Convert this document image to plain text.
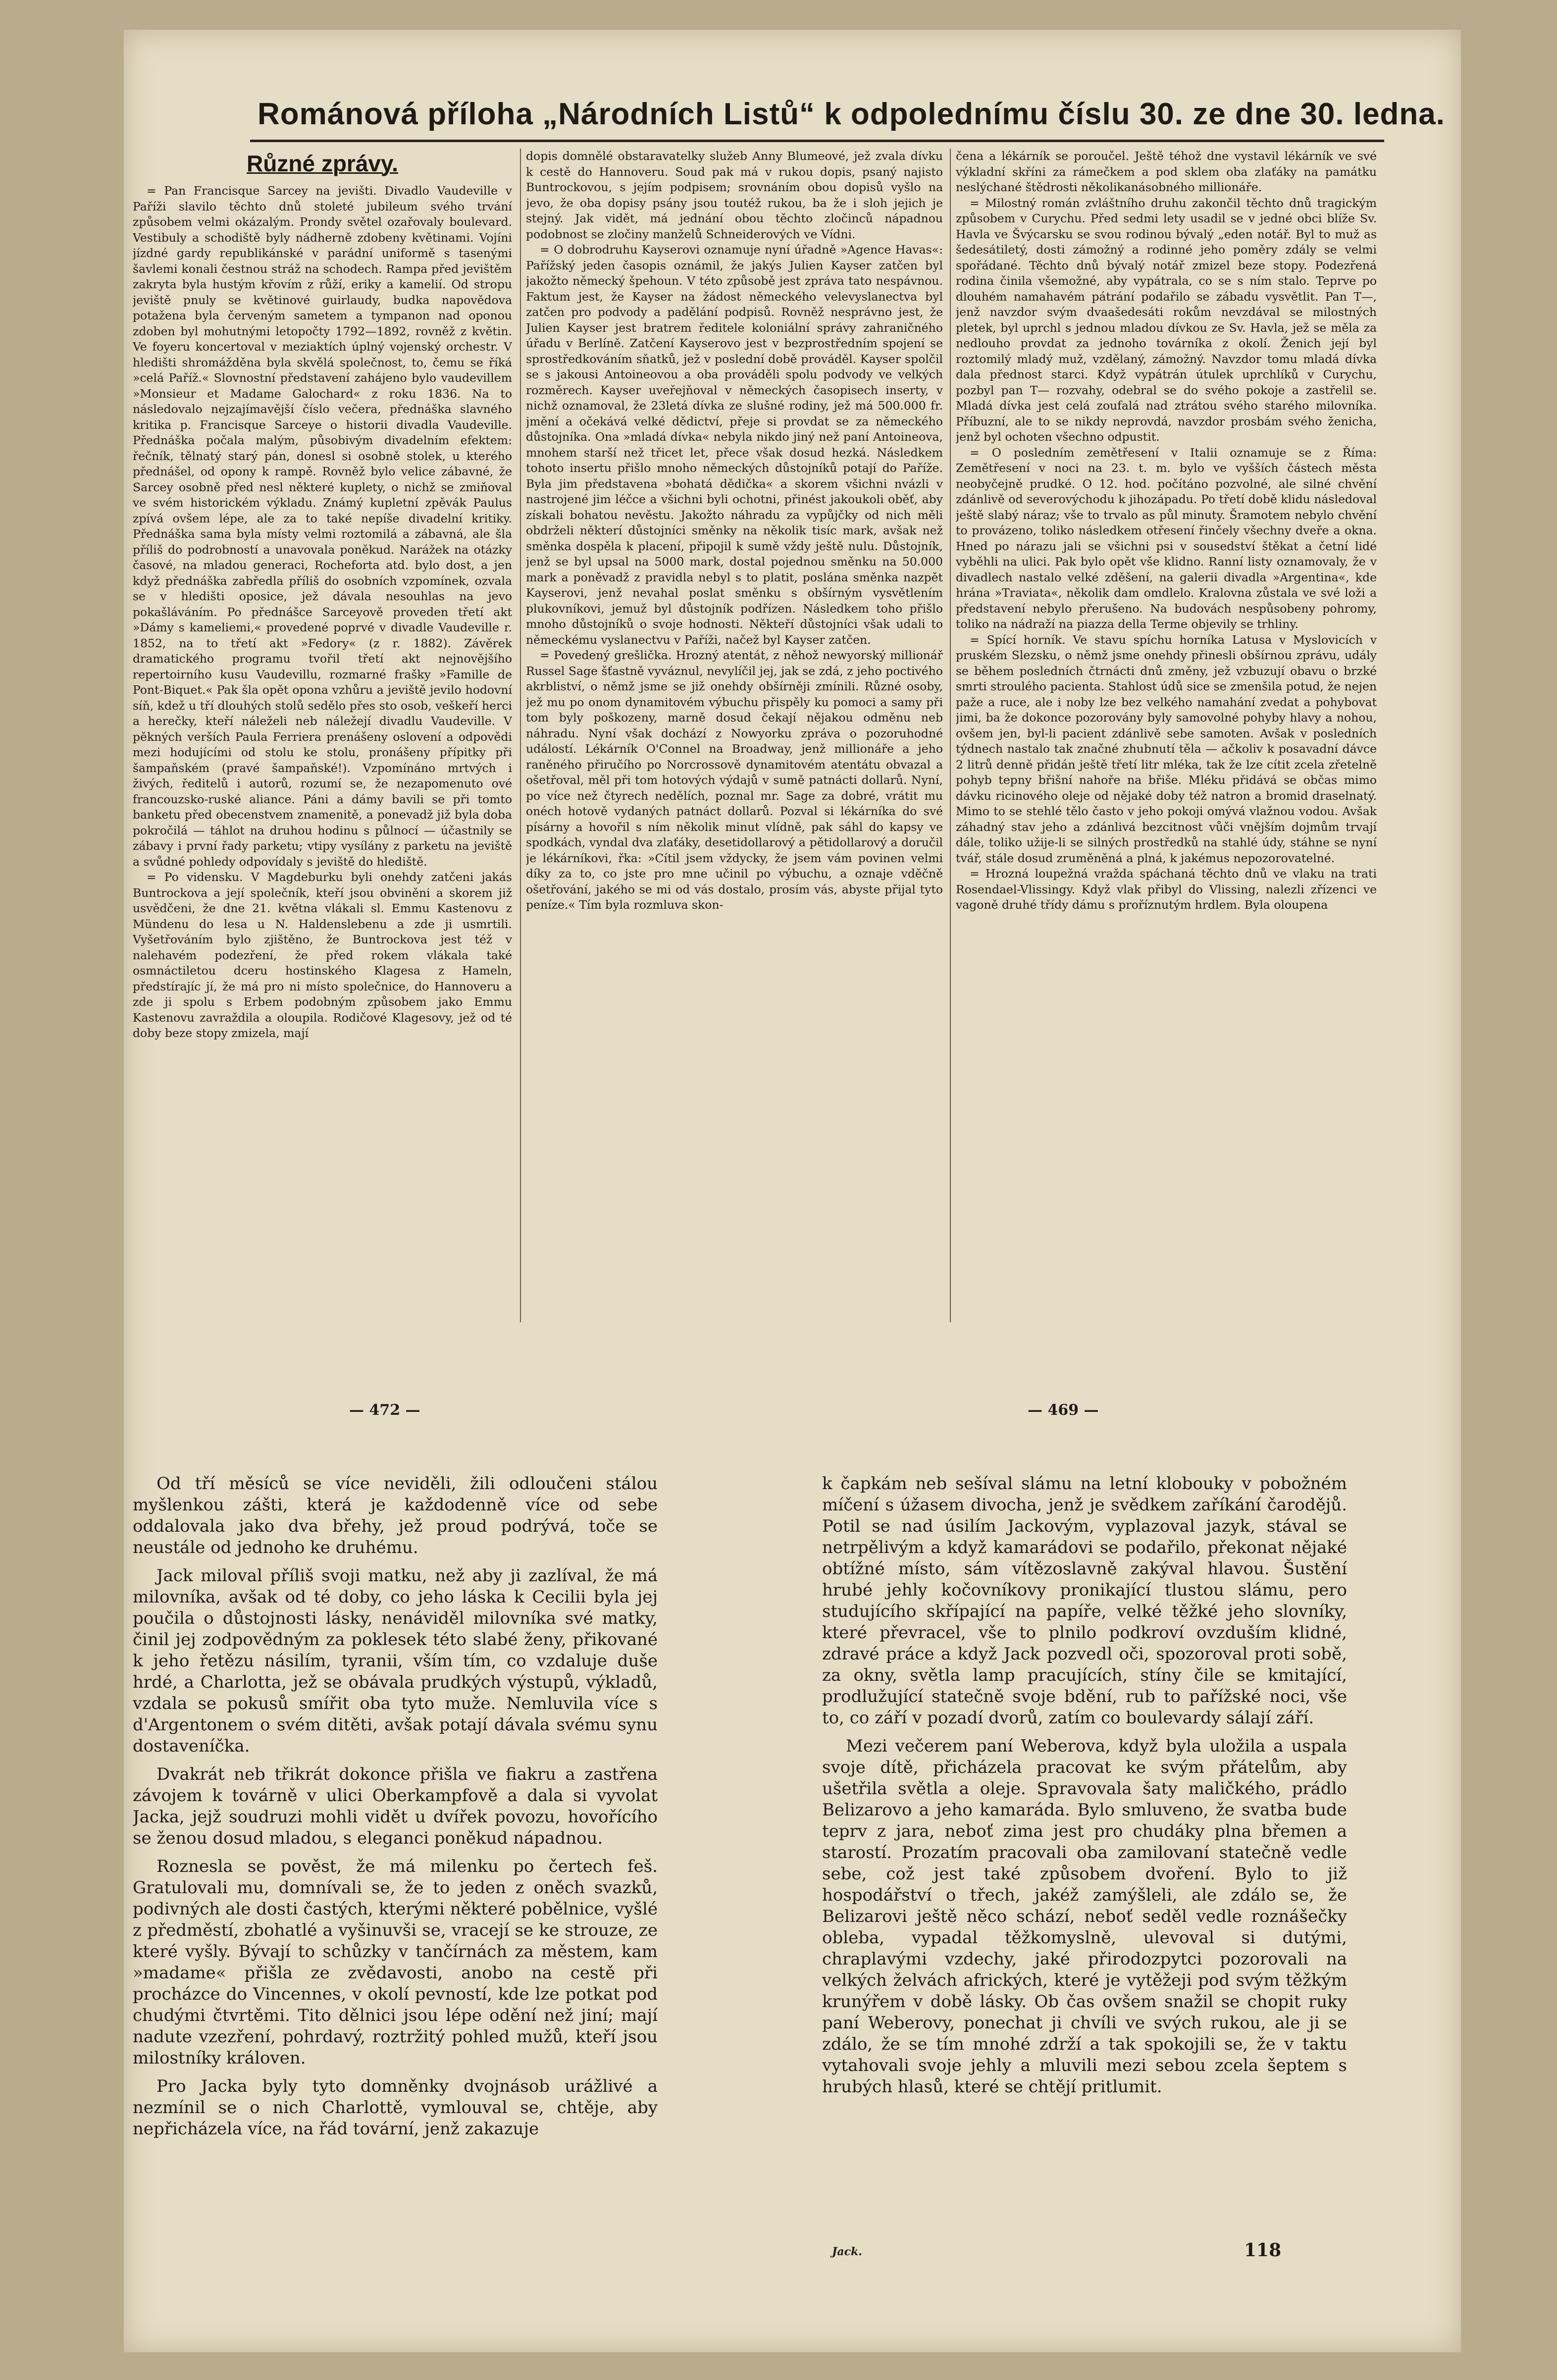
Románová příloha „Národních Listů“ k odpolednímu číslu 30. ze dne 30. ledna.
Různé zprávy.

= Pan Francisque Sarcey na jevišti. Divadlo Vaudeville v Paříži slavilo těchto dnů stoleté jubileum svého trvání způsobem velmi okázalým. Prondy světel ozařovaly boulevard. Vestibuly a schodiště byly nádherně zdobeny květinami. Vojíni jízdné gardy republikánské v parádní uniformě s tasenými šavlemi konali čestnou stráž na schodech. Rampa před jevištěm zakryta byla hustým křovím z růží, eriky a kamelií. Od stropu jeviště pnuly se květinové guirlaudy, budka napovědova potažena byla červeným sametem a tympanon nad oponou zdoben byl mohutnými letopočty 1792—1892, rovněž z květin. Ve foyeru koncertoval v meziaktích úplný vojenský orchestr. V hledišti shromážděna byla skvělá společnost, to, čemu se říká »celá Paříž.« Slovnostní představení zahájeno bylo vaudevillem »Monsieur et Madame Galochard« z roku 1836. Na to následovalo nejzajímavější číslo večera, přednáška slavného kritika p. Francisque Sarceye o historii divadla Vaudeville. Přednáška počala malým, působivým divadelním efektem: řečník, tělnatý starý pán, donesl si osobně stolek, u kterého přednášel, od opony k rampě. Rovněž bylo velice zábavné, že Sarcey osobně před nesl některé kuplety, o nichž se zmiňoval ve svém historickém výkladu. Známý kupletní zpěvák Paulus zpívá ovšem lépe, ale za to také nepíše divadelní kritiky. Přednáška sama byla místy velmi roztomilá a zábavná, ale šla příliš do podrobností a unavovala poněkud. Narážek na otázky časové, na mladou generaci, Rocheforta atd. bylo dost, a jen když přednáška zabředla příliš do osobních vzpomínek, ozvala se v hledišti oposice, jež dávala nesouhlas na jevo pokašláváním. Po přednášce Sarceyově proveden třetí akt »Dámy s kameliemi,« provedené poprvé v divadle Vaudeville r. 1852, na to třetí akt »Fedory« (z r. 1882). Závěrek dramatického programu tvořil třetí akt nejnovějšího repertoirního kusu Vaudevillu, rozmarné frašky »Famille de Pont-Biquet.« Pak šla opět opona vzhůru a jeviště jevilo hodovní síň, kdež u tří dlouhých stolů sedělo přes sto osob, veškeří herci a herečky, kteří náleželi neb náležejí divadlu Vaudeville. V pěkných verších Paula Ferriera prenášeny oslovení a odpovědi mezi hodujícími od stolu ke stolu, pronášeny přípitky při šampaňském (pravé šampaňské!). Vzpomínáno mrtvých i živých, ředitelů i autorů, rozumí se, že nezapomenuto ové francouzsko-ruské aliance. Páni a dámy bavili se při tomto banketu před obecenstvem znamenitě, a ponevadž již byla doba pokročilá — táhlot na druhou hodinu s půlnocí — účastnily se zábavy i první řady parketu; vtipy vysílány z parketu na jeviště a svůdné pohledy odpovídaly s jeviště do hlediště.

= Po vidensku. V Magdeburku byli onehdy zatčeni jakás Buntrockova a její společník, kteří jsou obviněni a skorem již usvědčeni, že dne 21. května vlákali sl. Emmu Kastenovu z Mündenu do lesa u N. Haldenslebenu a zde ji usmrtili. Vyšetřováním bylo zjištěno, že Buntrockova jest též v nalehavém podezření, že před rokem vlákala také osmnáctiletou dceru hostinského Klagesa z Hameln, předstírajíc jí, že má pro ni místo společnice, do Hannoveru a zde ji spolu s Erbem podobným způsobem jako Emmu Kastenovu zavraždila a oloupila. Rodičové Klagesovy, jež od té doby beze stopy zmizela, mají

dopis domnělé obstaravatelky služeb Anny Blumeové, jež zvala dívku k cestě do Hannoveru. Soud pak má v rukou dopis, psaný najisto Buntrockovou, s jejím podpisem; srovnáním obou dopisů vyšlo na jevo, že oba dopisy psány jsou toutéž rukou, ba že i sloh jejich je stejný. Jak vidět, má jednání obou těchto zločinců nápadnou podobnost se zločiny manželů Schneiderových ve Vídni.

= O dobrodruhu Kayserovi oznamuje nyní úřadně »Agence Havas«: Pařížský jeden časopis oznámil, že jakýs Julien Kayser zatčen byl jakožto německý špehoun. V této způsobě jest zpráva tato nespávnou. Faktum jest, že Kayser na žádost německého velevyslanectva byl zatčen pro podvody a padělání podpisů. Rovněž nesprávno jest, že Julien Kayser jest bratrem ředitele koloniální správy zahraničného úřadu v Berlíně. Zatčení Kayserovo jest v bezprostředním spojení se sprostředkováním sňatků, jež v poslední době prováděl. Kayser spolčil se s jakousi Antoineovou a oba prováděli spolu podvody ve velkých rozměrech. Kayser uveřejňoval v německých časopisech inserty, v nichž oznamoval, že 23letá dívka ze slušné rodiny, jež má 500.000 fr. jmění a očekává velké dědictví, přeje si provdat se za německého důstojníka. Ona »mladá dívka« nebyla nikdo jiný než paní Antoineova, mnohem starší než třicet let, přece však dosud hezká. Následkem tohoto insertu přišlo mnoho německých důstojníků potají do Paříže. Byla jim představena »bohatá dědička« a skorem všichni nvázli v nastrojené jim léčce a všichni byli ochotni, přinést jakoukoli oběť, aby získali bohatou nevěstu. Jakožto náhradu za vypůjčky od nich měli obdrželi některí důstojníci směnky na několik tisíc mark, avšak než směnka dospěla k placení, připojil k sumě vždy ještě nulu. Důstojník, jenž se byl upsal na 5000 mark, dostal pojednou směnku na 50.000 mark a poněvadž z pravidla nebyl s to platit, poslána směnka nazpět Kayserovi, jenž nevahal poslat směnku s obšírným vysvětlením plukovníkovi, jemuž byl důstojník podřízen. Následkem toho přišlo mnoho důstojníků o svoje hodnosti. Někteří důstojníci však udali to německému vyslanectvu v Paříži, načež byl Kayser zatčen.

= Povedený grešlička. Hrozný atentát, z něhož newyorský millionář Russel Sage šťastně vyváznul, nevylíčil jej, jak se zdá, z jeho poctivého akrbliství, o němž jsme se již onehdy obšírněji zmínili. Různé osoby, jež mu po onom dynamitovém výbuchu přispěly ku pomoci a samy při tom byly poškozeny, marně dosud čekají nějakou odměnu neb náhradu. Nyní však dochází z Nowyorku zpráva o pozoruhodné událostí. Lékárník O'Connel na Broadway, jenž millionáře a jeho raněného přiručího po Norcrossově dynamitovém atentátu obvazal a ošetřoval, měl při tom hotových výdajů v sumě patnácti dollarů. Nyní, po více než čtyrech nedělích, poznal mr. Sage za dobré, vrátit mu onéch hotově vydaných patnáct dollarů. Pozval si lékárníka do své písárny a hovořil s ním několik minut vlídně, pak sáhl do kapsy ve spodkách, vyndal dva zlaťáky, desetidollarový a pětidollarový a doručil je lékárníkovi, řka: »Cítil jsem vždycky, že jsem vám povinen velmi díky za to, co jste pro mne učinil po výbuchu, a oznaje vděčně ošetřování, jakého se mi od vás dostalo, prosím vás, abyste přijal tyto peníze.« Tím byla rozmluva skon-

čena a lékárník se poroučel. Ještě téhož dne vystavil lékárník ve své výkladní skříni za rámečkem a pod sklem oba zlaťáky na památku neslýchané štědrosti několikanásobného millionáře.

= Milostný román zvláštního druhu zakončil těchto dnů tragickým způsobem v Curychu. Před sedmi lety usadil se v jedné obci blíže Sv. Havla ve Švýcarsku se svou rodinou bývalý „eden notář. Byl to muž as šedesátiletý, dosti zámožný a rodinné jeho poměry zdály se velmi spořádané. Těchto dnů bývalý notář zmizel beze stopy. Podezřená rodina činila všemožné, aby vypátrala, co se s ním stalo. Teprve po dlouhém namahavém pátrání podařilo se zábadu vysvětlit. Pan T—, jenž navzdor svým dvaašedesáti rokům nevzdával se milostných pletek, byl uprchl s jednou mladou dívkou ze Sv. Havla, jež se měla za nedlouho provdat za jednoho továrníka z okolí. Ženich její byl roztomilý mladý muž, vzdělaný, zámožný. Navzdor tomu mladá dívka dala přednost starci. Když vypátrán útulek uprchlíků v Curychu, pozbyl pan T— rozvahy, odebral se do svého pokoje a zastřelil se. Mladá dívka jest celá zoufalá nad ztrátou svého starého milovníka. Příbuzní, ale to se nikdy neprovdá, navzdor prosbám svého ženicha, jenž byl ochoten všechno odpustit.

= O posledním zemětřesení v Italii oznamuje se z Říma: Zemětřesení v noci na 23. t. m. bylo ve vyšších částech města neobyčejně prudké. O 12. hod. počítáno pozvolné, ale silné chvění zdánlivě od severovýchodu k jihozápadu. Po třetí době klidu následoval ještě slabý náraz; vše to trvalo as půl minuty. Šramotem nebylo chvění to provázeno, toliko následkem otřesení řinčely všechny dveře a okna. Hned po nárazu jali se všichni psi v sousedství štěkat a četní lidé vyběhli na ulici. Pak bylo opět vše klidno. Ranní listy oznamovaly, že v divadlech nastalo velké zděšení, na galerii divadla »Argentina«, kde hrána »Traviata«, několik dam omdlelo. Kralovna zůstala ve své loži a představení nebylo přerušeno. Na budovách nespůsobeny pohromy, toliko na nádraží na piazza della Terme objevily se trhliny.

= Spící horník. Ve stavu spíchu horníka Latusa v Myslovicích v pruském Slezsku, o němž jsme onehdy přinesli obšírnou zprávu, udály se během posledních čtrnácti dnů změny, jež vzbuzují obavu o brzké smrti stroulého pacienta. Stahlost údů sice se zmenšila potud, že nejen paže a ruce, ale i noby lze bez velkého namahání zvedat a pohybovat jimi, ba že dokonce pozorovány byly samovolné pohyby hlavy a nohou, ovšem jen, byl-li pacient zdánlivě sebe samoten. Avšak v posledních týdnech nastalo tak značné zhubnutí těla — ačkoliv k posavadní dávce 2 litrů denně přidán ještě třetí litr mléka, tak že lze cítit zcela zřetelně pohyb tepny břišní nahoře na břiše. Mléku přidává se občas mimo dávku ricinového oleje od nějaké doby též natron a bromid draselnatý. Mimo to se stehlé tělo často v jeho pokoji omývá vlažnou vodou. Avšak záhadný stav jeho a zdánlivá bezcitnost vůči vnějším dojmům trvají dále, toliko užije-li se silných prostředků na stahlé údy, stáhne se nyní tvář, stále dosud zruměněná a plná, k jakémus nepozorovatelné.

= Hrozná loupežná vražda spáchaná těchto dnů ve vlaku na trati Rosendael-Vlissingy. Když vlak přibyl do Vlissing, nalezli zřízenci ve vagoně druhé třídy dámu s proříznutým hrdlem. Byla oloupena

— 472 —	— 469 —

Od tří měsíců se více neviděli, žili odloučeni stálou myšlenkou zášti, která je každodenně více od sebe oddalovala jako dva břehy, jež proud podrývá, toče se neustále od jednoho ke druhému.

Jack miloval příliš svoji matku, než aby ji zazlíval, že má milovníka, avšak od té doby, co jeho láska k Cecilii byla jej poučila o důstojnosti lásky, nenáviděl milovníka své matky, činil jej zodpovědným za poklesek této slabé ženy, přikované k jeho řetězu násilím, tyranii, vším tím, co vzdaluje duše hrdé, a Charlotta, jež se obávala prudkých výstupů, výkladů, vzdala se pokusů smířit oba tyto muže. Nemluvila více s d'Argentonem o svém ditěti, avšak potají dávala svému synu dostaveníčka.

Dvakrát neb třikrát dokonce přišla ve fiakru a zastřena závojem k továrně v ulici Oberkampfově a dala si vyvolat Jacka, jejž soudruzi mohli vidět u dvířek povozu, hovořícího se ženou dosud mladou, s eleganci poněkud nápadnou.

Roznesla se pověst, že má milenku po čertech feš. Gratulovali mu, domnívali se, že to jeden z oněch svazků, podivných ale dosti častých, kterými některé pobělnice, vyšlé z předměstí, zbohatlé a vyšinuvši se, vracejí se ke strouze, ze které vyšly. Bývají to schůzky v tančírnách za městem, kam »madame« přišla ze zvědavosti, anobo na cestě při procházce do Vincennes, v okolí pevností, kde lze potkat pod chudými čtvrtěmi. Tito dělnici jsou lépe odění než jiní; mají nadute vzezření, pohrdavý, roztržitý pohled mužů, kteří jsou milostníky královen.

Pro Jacka byly tyto domněnky dvojnásob urážlivé a nezmínil se o nich Charlottě, vymlouval se, chtěje, aby nepřicházela více, na řád tovární, jenž zakazuje

k čapkám neb sešíval slámu na letní klobouky v pobožném míčení s úžasem divocha, jenž je svědkem zaříkání čarodějů. Potil se nad úsilím Jackovým, vyplazoval jazyk, stával se netrpělivým a když kamarádovi se podařilo, překonat nějaké obtížné místo, sám vítězoslavně zakýval hlavou. Šustění hrubé jehly kočovníkovy pronikající tlustou slámu, pero studujícího skřípající na papíře, velké těžké jeho slovníky, které převracel, vše to plnilo podkroví ovzduším klidné, zdravé práce a když Jack pozvedl oči, spozoroval proti sobě, za okny, světla lamp pracujících, stíny čile se kmitající, prodlužující statečně svoje bdění, rub to pařížské noci, vše to, co září v pozadí dvorů, zatím co boulevardy sálají září.

Mezi večerem paní Weberova, když byla uložila a uspala svoje dítě, přicházela pracovat ke svým přátelům, aby ušetřila světla a oleje. Spravovala šaty maličkého, prádlo Belizarovo a jeho kamaráda. Bylo smluveno, že svatba bude teprv z jara, neboť zima jest pro chudáky plna břemen a starostí. Prozatím pracovali oba zamilovaní statečně vedle sebe, což jest také způsobem dvoření. Bylo to již hospodářství o třech, jakéž zamýšleli, ale zdálo se, že Belizarovi ještě něco schází, neboť seděl vedle roznášečky obleba, vypadal těžkomyslně, ulevoval si dutými, chraplavými vzdechy, jaké přirodozpytci pozorovali na velkých želvách afrických, které je vytěžeji pod svým těžkým krunýřem v době lásky. Ob čas ovšem snažil se chopit ruky paní Weberovy, ponechat ji chvíli ve svých rukou, ale ji se zdálo, že se tím mnohé zdrží a tak spokojili se, že v taktu vytahovali svoje jehly a mluvili mezi sebou zcela šeptem s hrubých hlasů, které se chtějí pritlumit.

Jack.	118
